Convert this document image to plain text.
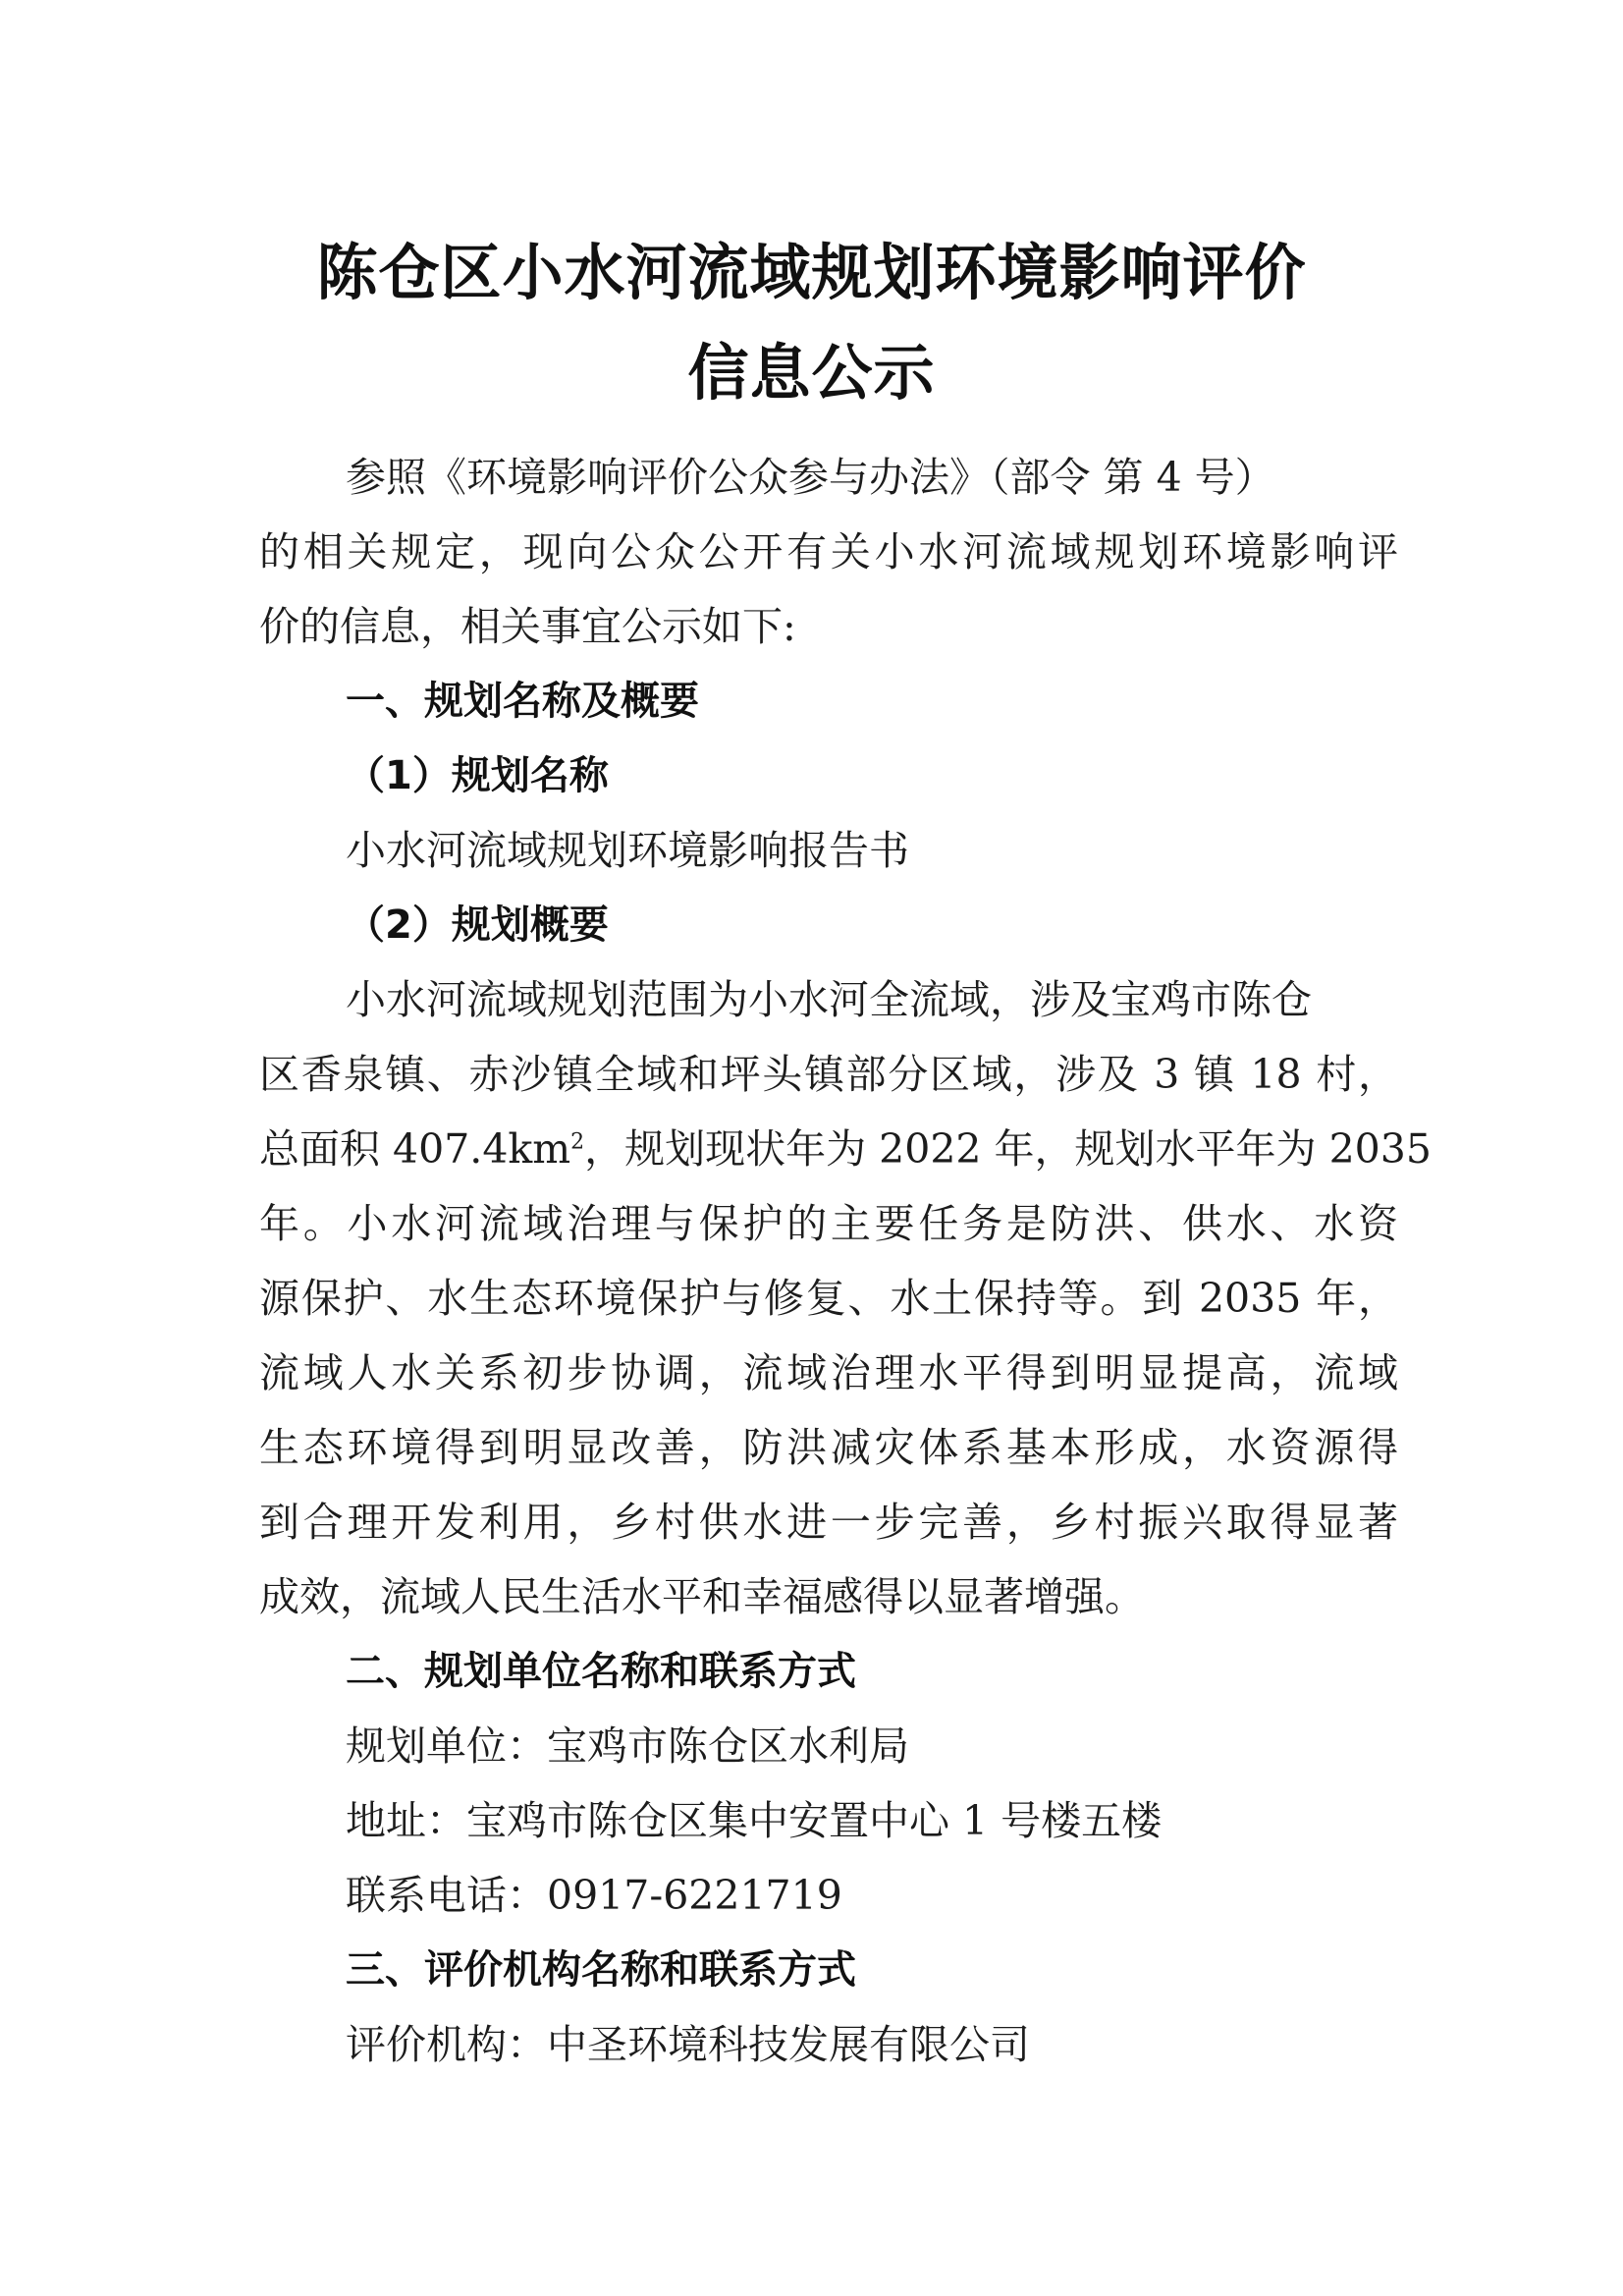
陈仓区小水河流域规划环境影响评价
信息公示
参照《环境影响评价公众参与办法》（部令 第 4 号）
的相关规定，现向公众公开有关小水河流域规划环境影响评
价的信息，相关事宜公示如下:
一、规划名称及概要
（1）规划名称
小水河流域规划环境影响报告书
（2）规划概要
小水河流域规划范围为小水河全流域，涉及宝鸡市陈仓
区香泉镇、赤沙镇全域和坪头镇部分区域，涉及 3 镇 18 村，
总面积 $407.4km^2$，规划现状年为 2022 年，规划水平年为 2035
年。小水河流域治理与保护的主要任务是防洪、供水、水资
源保护、水生态环境保护与修复、水土保持等。到 2035 年，
流域人水关系初步协调，流域治理水平得到明显提高，流域
生态环境得到明显改善，防洪减灾体系基本形成，水资源得
到合理开发利用，乡村供水进一步完善，乡村振兴取得显著
成效，流域人民生活水平和幸福感得以显著增强。
二、规划单位名称和联系方式
规划单位：宝鸡市陈仓区水利局
地址：宝鸡市陈仓区集中安置中心 1 号楼五楼
联系电话：0917-6221719
三、评价机构名称和联系方式
评价机构：中圣环境科技发展有限公司
